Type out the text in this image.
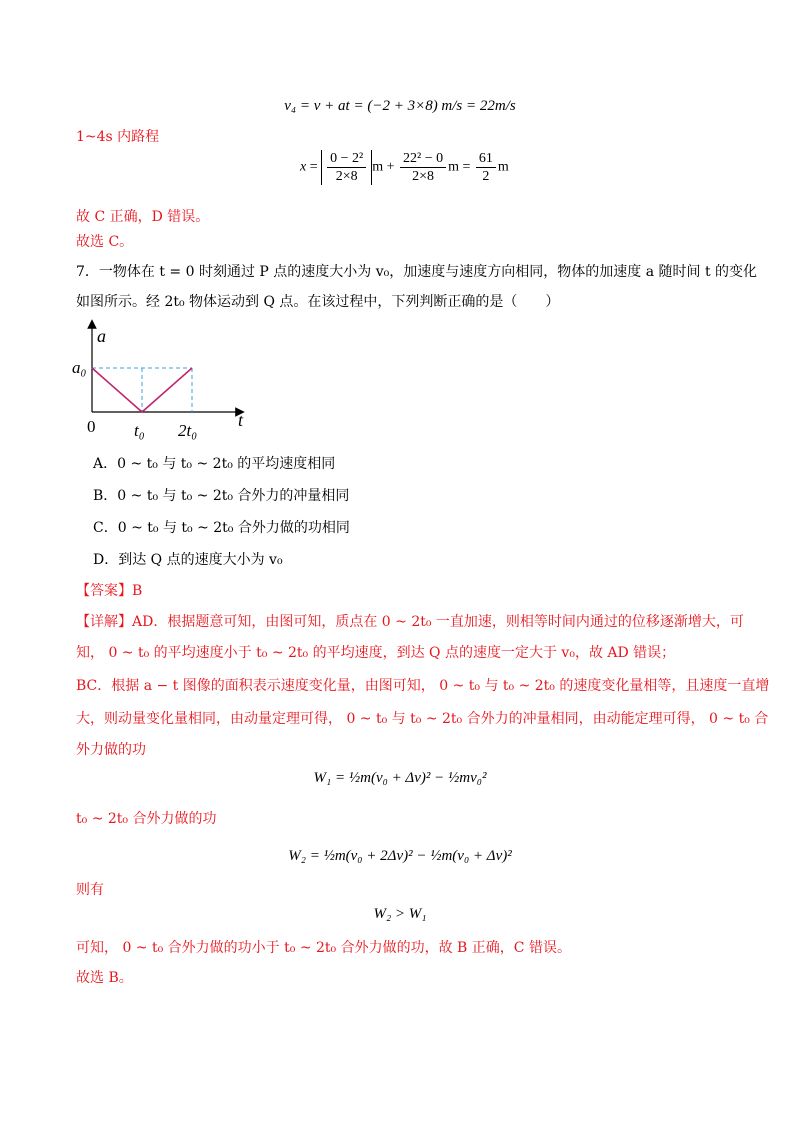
v₄ = v + at = (−2 + 3×8) m/s = 22m/s
1~4s 内路程
$x = \frac{\text{0 − 2²}}{2\times 8}$ $m + \frac{\text{22² − 0}}{2\times 8}$ $m = \frac{61}{2}$ m
故 C 正确，D 错误。
故选 C。
7．一物体在 t = 0 时刻通过 P 点的速度大小为 v₀，加速度与速度方向相同，物体的加速度 a 随时间 t 的变化
如图所示。经 2t₀ 物体运动到 Q 点。在该过程中，下列判断正确的是（　　）
a
a₀
t
0 t₀ 2t₀
A．0 ~ t₀ 与 t₀ ~ 2t₀ 的平均速度相同
B．0 ~ t₀ 与 t₀ ~ 2t₀ 合外力的冲量相同
C．0 ~ t₀ 与 t₀ ~ 2t₀ 合外力做的功相同
D．到达 Q 点的速度大小为 v₀
【答案】B
【详解】AD．根据题意可知，由图可知，质点在 0 ~ 2t₀ 一直加速，则相等时间内通过的位移逐渐增大，可
知， 0 ~ t₀ 的平均速度小于 t₀ ~ 2t₀ 的平均速度，到达 Q 点的速度一定大于 v₀，故 AD 错误；
BC．根据 a − t 图像的面积表示速度变化量，由图可知， 0 ~ t₀ 与 t₀ ~ 2t₀ 的速度变化量相等，且速度一直增
大，则动量变化量相同，由动量定理可得， 0 ~ t₀ 与 t₀ ~ 2t₀ 合外力的冲量相同，由动能定理可得， 0 ~ t₀ 合
外力做的功
W₁ = ½m(v₀ + Δv)² − ½mv₀²
t₀ ~ 2t₀ 合外力做的功
W₂ = ½m(v₀ + 2Δv)² − ½m(v₀ + Δv)²
则有
W₂ > W₁
可知， 0 ~ t₀ 合外力做的功小于 t₀ ~ 2t₀ 合外力做的功，故 B 正确，C 错误。
故选 B。
